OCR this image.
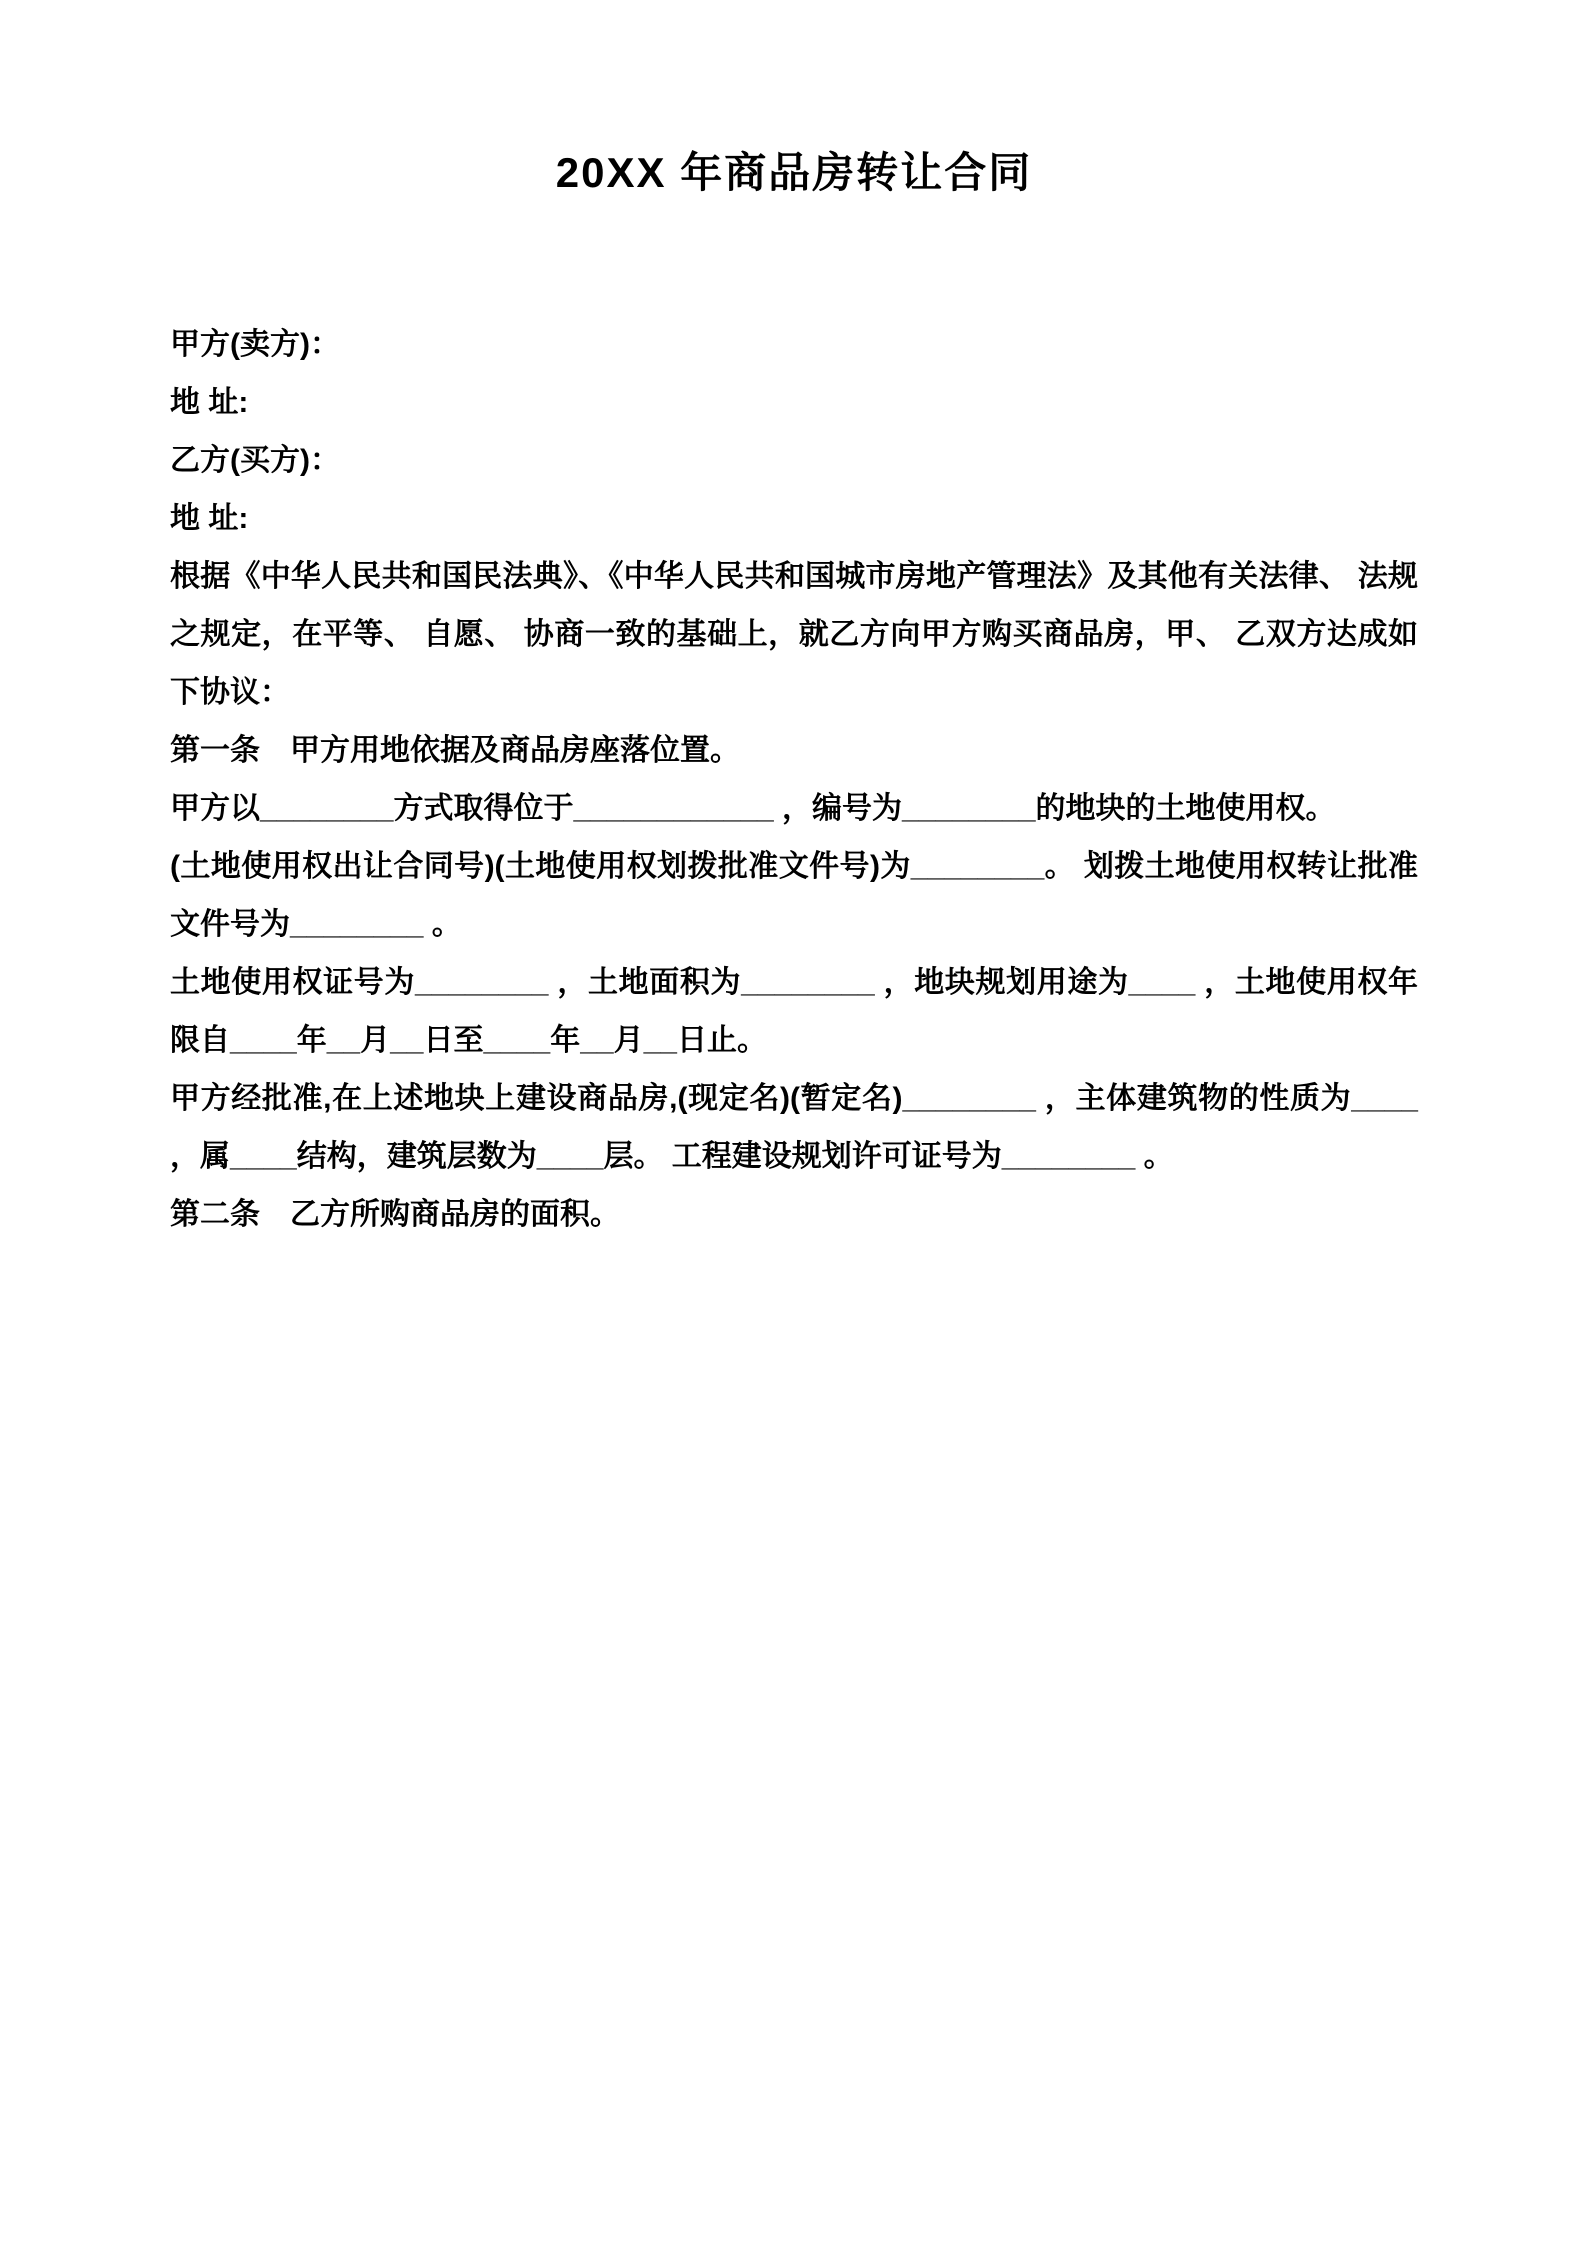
20XX 年商品房转让合同

甲方(卖方)：

地 址:

乙方(买方)：

地 址:

根据《中华人民共和国民法典》、《中华人民共和国城市房地产管理法》及其他有关法律、 法规之规定，在平等、 自愿、 协商一致的基础上，就乙方向甲方购买商品房，甲、 乙双方达成如下协议：

第一条　甲方用地依据及商品房座落位置。

甲方以________方式取得位于____________ ，编号为________的地块的土地使用权。

(土地使用权出让合同号)(土地使用权划拨批准文件号)为________。 划拨土地使用权转让批准文件号为________ 。

土地使用权证号为________ ，土地面积为________ ，地块规划用途为____ ，土地使用权年限自____年__月__日至____年__月__日止。

甲方经批准,在上述地块上建设商品房,(现定名)(暂定名)________ ，主体建筑物的性质为____ ，属____结构，建筑层数为____层。 工程建设规划许可证号为________ 。

第二条　乙方所购商品房的面积。
